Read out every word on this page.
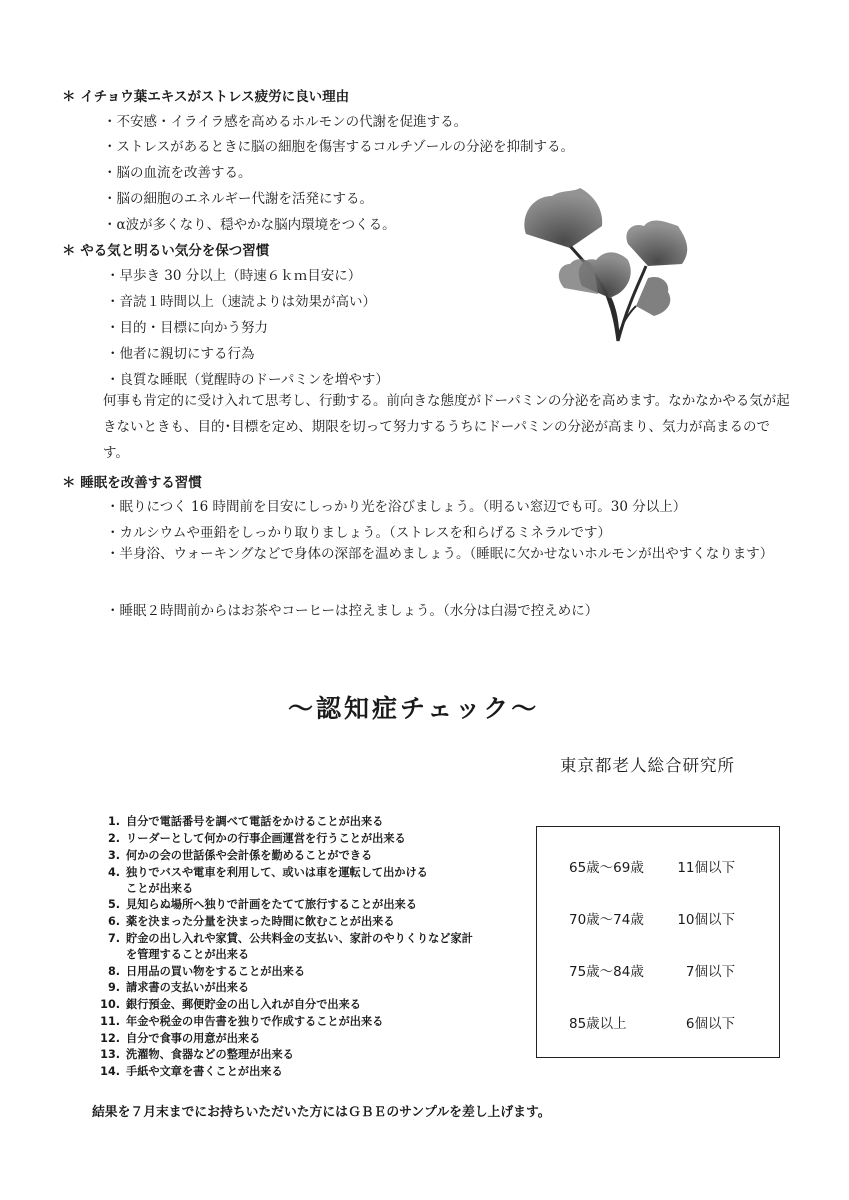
＊ イチョウ葉エキスがストレス疲労に良い理由
・不安感・イライラ感を高めるホルモンの代謝を促進する。
・ストレスがあるときに脳の細胞を傷害するコルチゾールの分泌を抑制する。
・脳の血流を改善する。
・脳の細胞のエネルギー代謝を活発にする。
・α波が多くなり、穏やかな脳内環境をつくる。
＊ やる気と明るい気分を保つ習慣
・早歩き 30 分以上（時速６ｋｍ目安に）
・音読１時間以上（速読よりは効果が高い）
・目的・目標に向かう努力
・他者に親切にする行為
・良質な睡眠（覚醒時のドーパミンを増やす）
何事も肯定的に受け入れて思考し、行動する。前向きな態度がドーパミンの分泌を高めます。なかなかやる気が起きないときも、目的･目標を定め、期限を切って努力するうちにドーパミンの分泌が高まり、気力が高まるのです。
＊ 睡眠を改善する習慣
・眠りにつく 16 時間前を目安にしっかり光を浴びましょう。（明るい窓辺でも可。30 分以上）
・カルシウムや亜鉛をしっかり取りましょう。（ストレスを和らげるミネラルです）
・半身浴、ウォーキングなどで身体の深部を温めましょう。（睡眠に欠かせないホルモンが出やすくなります）
・睡眠２時間前からはお茶やコーヒーは控えましょう。（水分は白湯で控えめに）
～認知症チェック～
東京都老人総合研究所
1. 自分で電話番号を調べて電話をかけることが出来る
2. リーダーとして何かの行事企画運営を行うことが出来る
3. 何かの会の世話係や会計係を勤めることができる
4. 独りでバスや電車を利用して、或いは車を運転して出かける
ことが出来る
5. 見知らぬ場所へ独りで計画をたてて旅行することが出来る
6. 薬を決まった分量を決まった時間に飲むことが出来る
7. 貯金の出し入れや家賃、公共料金の支払い、家計のやりくりなど家計
を管理することが出来る
8. 日用品の買い物をすることが出来る
9. 請求書の支払いが出来る
10. 銀行預金、郵便貯金の出し入れが自分で出来る
11. 年金や税金の申告書を独りで作成することが出来る
12. 自分で食事の用意が出来る
13. 洗濯物、食器などの整理が出来る
14. 手紙や文章を書くことが出来る
65歳～69歳 11個以下
70歳～74歳 10個以下
75歳～84歳	7個以下
85歳以上	6個以下
結果を７月末までにお持ちいただいた方にはＧＢＥのサンプルを差し上げます。
